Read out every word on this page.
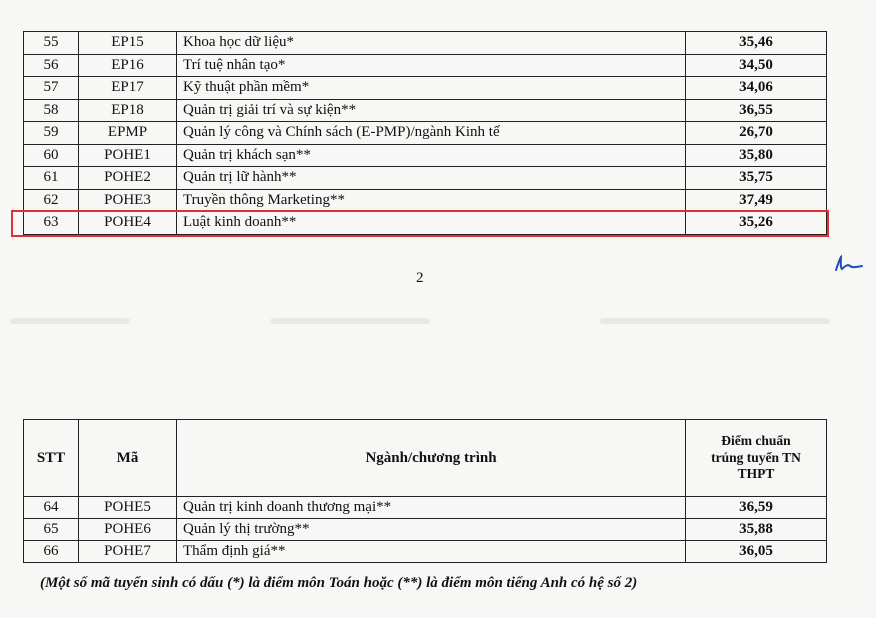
55	EP15	Khoa học dữ liệu*	35,46
56	EP16	Trí tuệ nhân tạo*	34,50
57	EP17	Kỹ thuật phần mềm*	34,06
58	EP18	Quản trị giải trí và sự kiện**	36,55
59	EPMP	Quản lý công và Chính sách (E-PMP)/ngành Kinh tế	26,70
60	POHE1	Quản trị khách sạn**	35,80
61	POHE2	Quản trị lữ hành**	35,75
62	POHE3	Truyền thông Marketing**	37,49
63	POHE4	Luật kinh doanh**	35,26
2
STT	Mã	Ngành/chương trình	Điểm chuẩn
trúng tuyển TN
THPT

64	POHE5	Quản trị kinh doanh thương mại**	36,59
65	POHE6	Quản lý thị trường**	35,88
66	POHE7	Thẩm định giá**	36,05
(Một số mã tuyển sinh có dấu (*) là điểm môn Toán hoặc (**) là điểm môn tiếng Anh có hệ số 2)
